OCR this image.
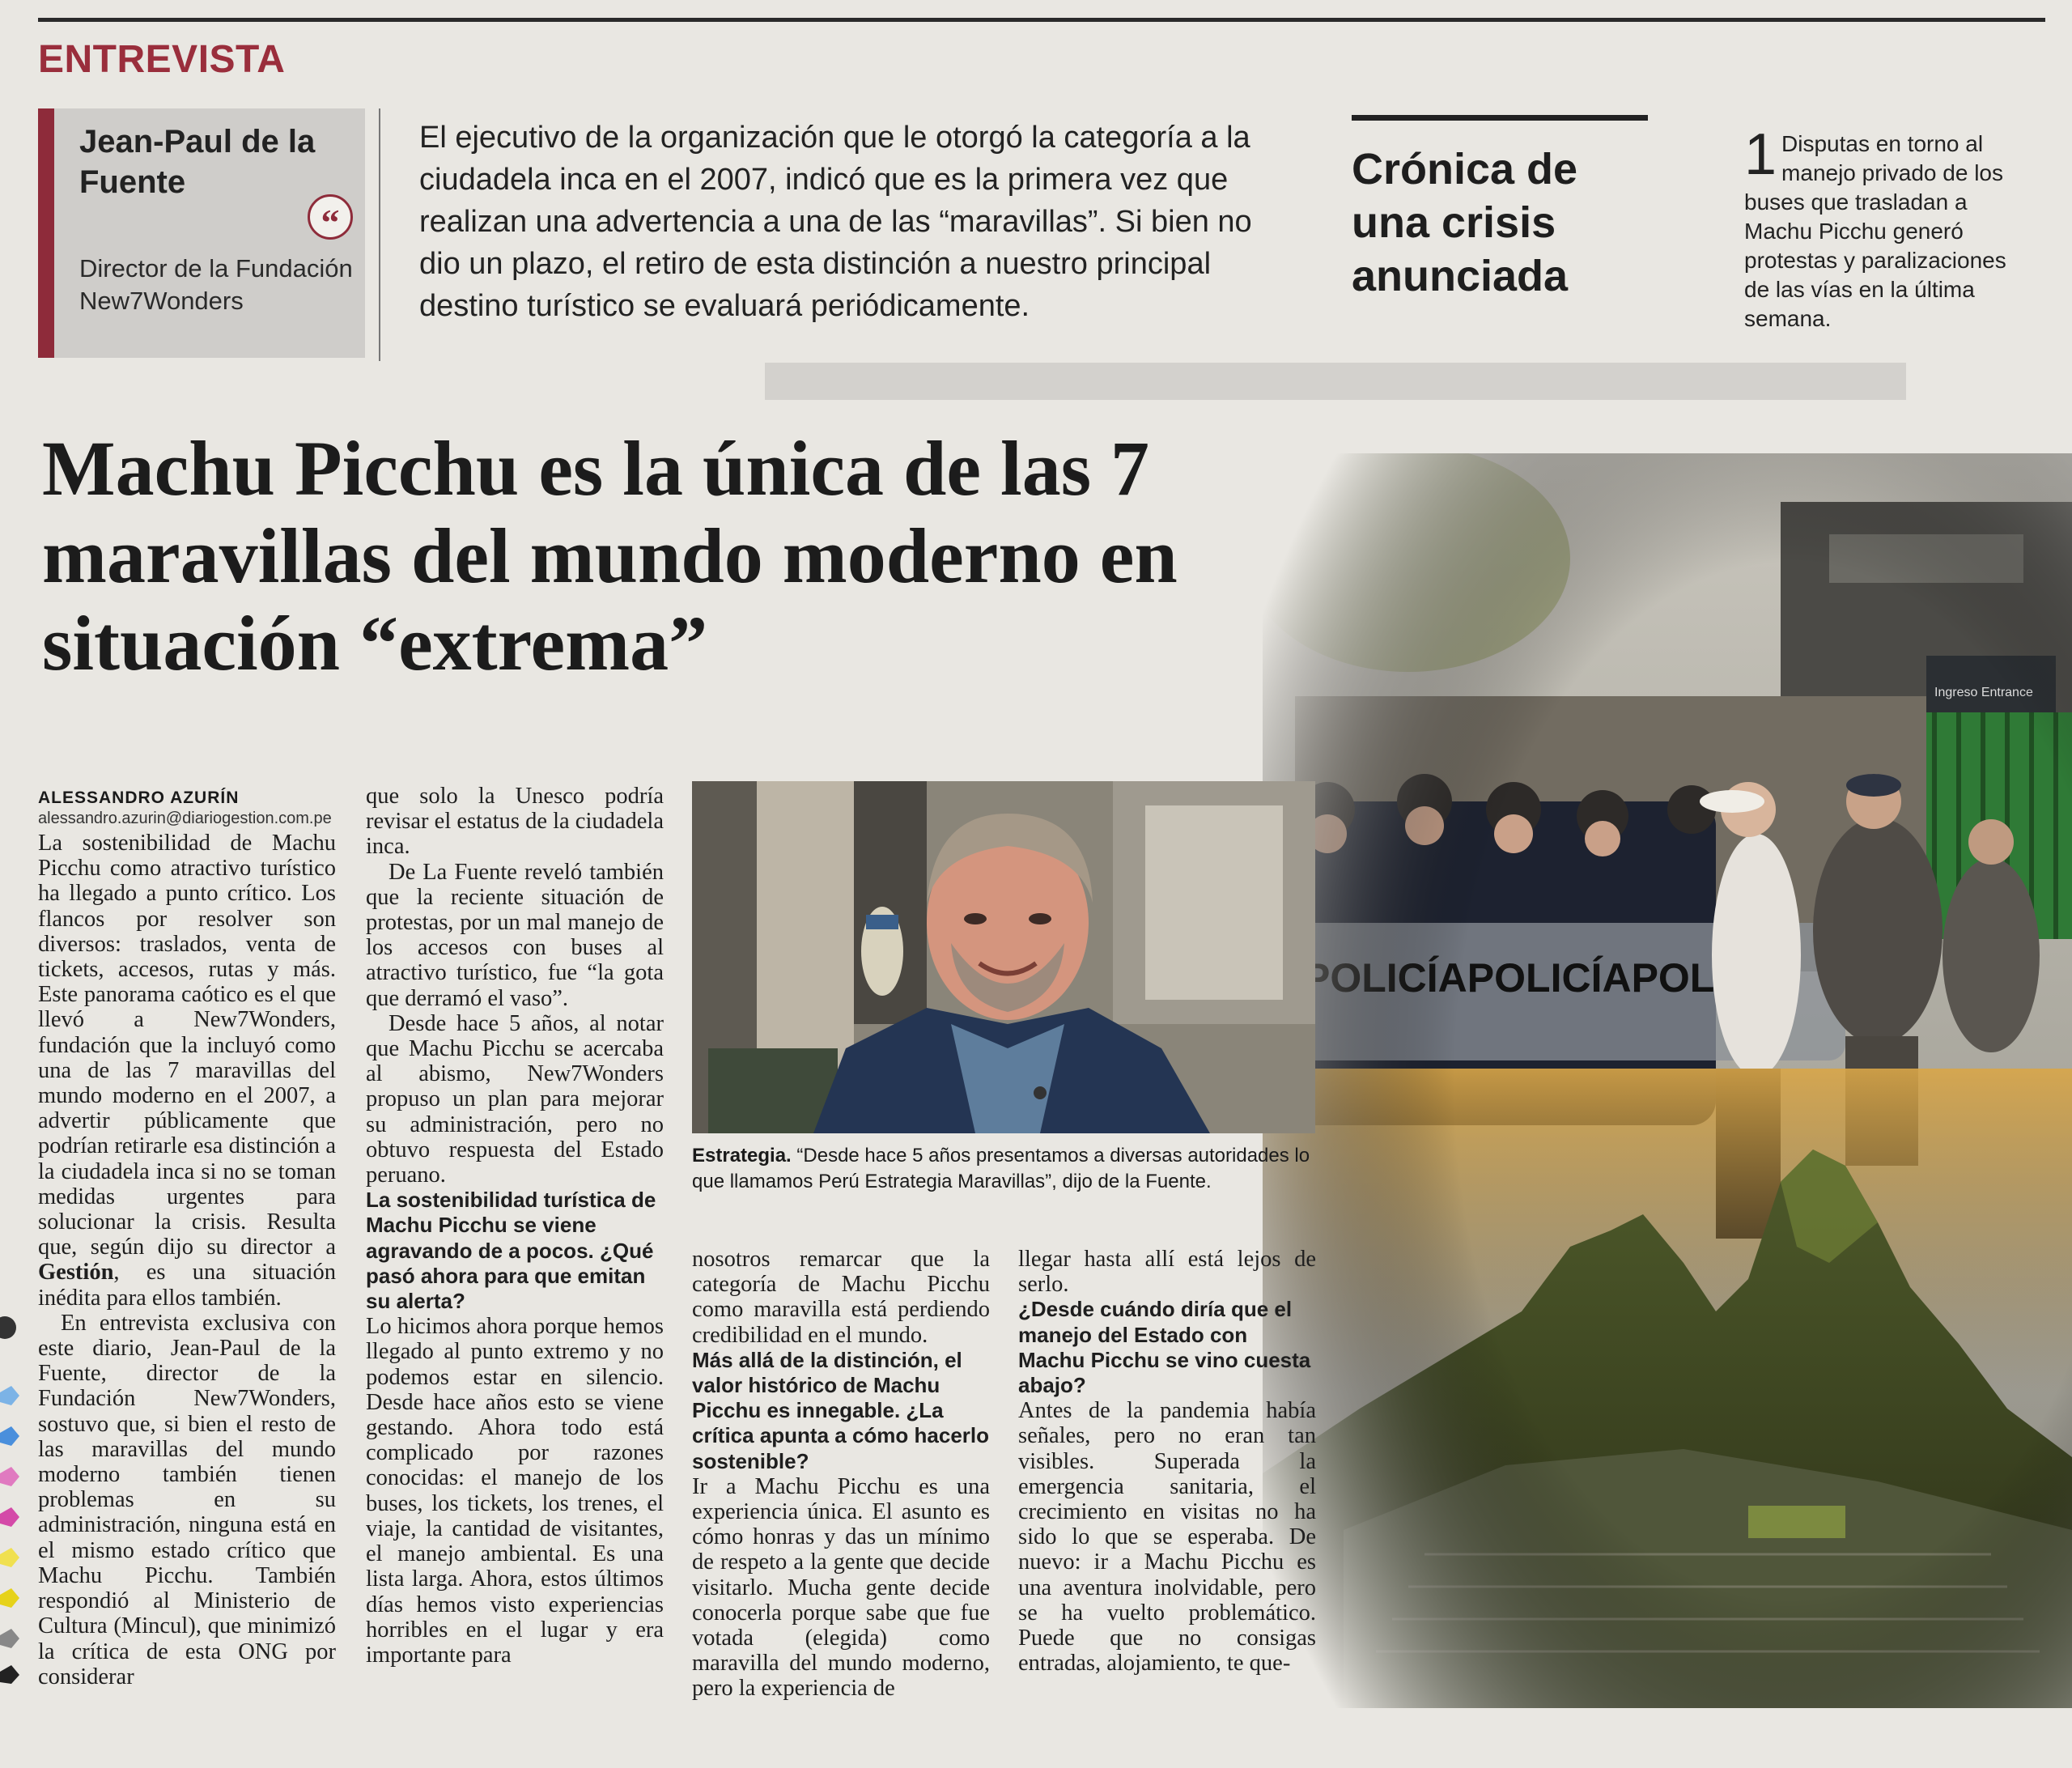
ENTREVISTA
Jean-Paul de la Fuente
“
Director de la Fundación New7Wonders
El ejecutivo de la organización que le otorgó la categoría a la ciudadela inca en el 2007, indicó que es la primera vez que realizan una advertencia a una de las “maravillas”. Si bien no dio un plazo, el retiro de esta distinción a nuestro principal destino turístico se evaluará periódicamente.
Crónica de una crisis anunciada
1 Disputas en torno al manejo privado de los buses que trasladan a Machu Picchu generó protestas y paralizaciones de las vías en la última semana.
Machu Picchu es la única de las 7 maravillas del mundo moderno en situación “extrema”
Estrategia. “Desde hace 5 años presentamos a diversas autoridades lo que llamamos Perú Estrategia Maravillas”, dijo de la Fuente.
ALESSANDRO AZURÍN
alessandro.azurin@diariogestion.com.pe

La sostenibilidad de Machu Picchu como atractivo turístico ha llegado a punto crítico. Los flancos por resolver son diversos: traslados, venta de tickets, accesos, rutas y más. Este panorama caótico es el que llevó a New7Wonders, fundación que la incluyó como una de las 7 maravillas del mundo moderno en el 2007, a advertir públicamente que podrían retirarle esa distinción a la ciudadela inca si no se toman medidas urgentes para solucionar la crisis. Resulta que, según dijo su director a Gestión, es una situación inédita para ellos también.

En entrevista exclusiva con este diario, Jean-Paul de la Fuente, director de la Fundación New7Wonders, sostuvo que, si bien el resto de las maravillas del mundo moderno también tienen problemas en su administración, ninguna está en el mismo estado crítico que Machu Picchu. También respondió al Ministerio de Cultura (Mincul), que minimizó la crítica de esta ONG por considerar

que solo la Unesco podría revisar el estatus de la ciudadela inca.

De La Fuente reveló también que la reciente situación de protestas, por un mal manejo de los accesos con buses al atractivo turístico, fue “la gota que derramó el vaso”.

Desde hace 5 años, al notar que Machu Picchu se acercaba al abismo, New7Wonders propuso un plan para mejorar su administración, pero no obtuvo respuesta del Estado peruano.

La sostenibilidad turística de Machu Picchu se viene agravando de a pocos. ¿Qué pasó ahora para que emitan su alerta?

Lo hicimos ahora porque hemos llegado al punto extremo y no podemos estar en silencio. Desde hace años esto se viene gestando. Ahora todo está complicado por razones conocidas: el manejo de los buses, los tickets, los trenes, el viaje, la cantidad de visitantes, el manejo ambiental. Es una lista larga. Ahora, estos últimos días hemos visto experiencias horribles en el lugar y era importante para

nosotros remarcar que la categoría de Machu Picchu como maravilla está perdiendo credibilidad en el mundo.

Más allá de la distinción, el valor histórico de Machu Picchu es innegable. ¿La crítica apunta a cómo hacerlo sostenible?

Ir a Machu Picchu es una experiencia única. El asunto es cómo honras y das un mínimo de respeto a la gente que decide visitarlo. Mucha gente decide conocerla porque sabe que fue votada (elegida) como maravilla del mundo moderno, pero la experiencia de

llegar hasta allí está lejos de serlo.

¿Desde cuándo diría que el manejo del Estado con Machu Picchu se vino cuesta abajo?

Antes de la pandemia había señales, pero no eran tan visibles. Superada la emergencia sanitaria, el crecimiento en visitas no ha sido lo que se esperaba. De nuevo: ir a Machu Picchu es una aventura inolvidable, pero se ha vuelto problemático. Puede que no consigas entradas, alojamiento, te que-
